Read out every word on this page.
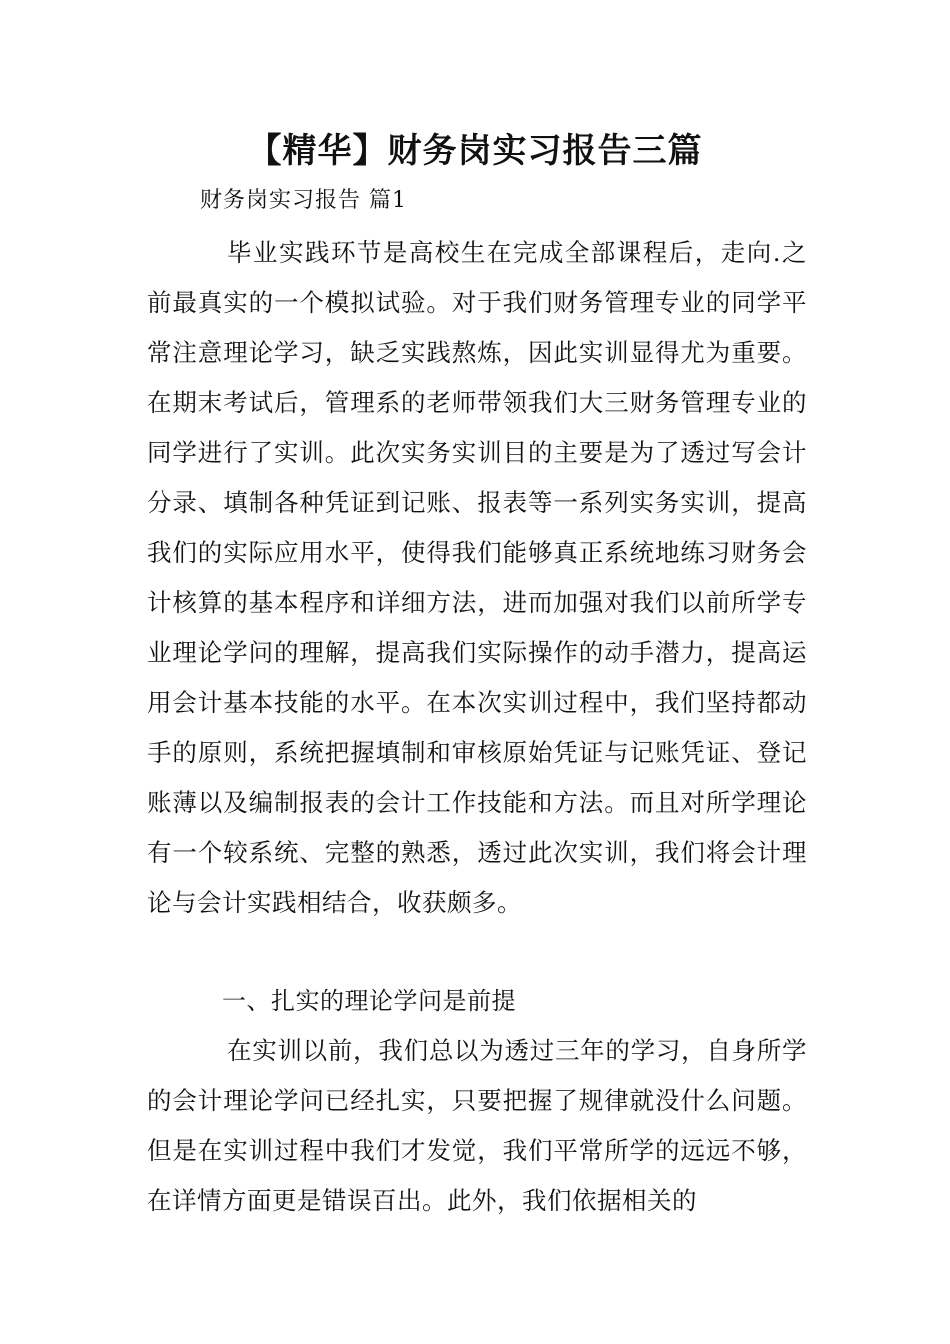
【精华】财务岗实习报告三篇

财务岗实习报告 篇1

毕业实践环节是高校生在完成全部课程后，走向.之前最真实的一个模拟试验。对于我们财务管理专业的同学平常注意理论学习，缺乏实践熬炼，因此实训显得尤为重要。在期末考试后，管理系的老师带领我们大三财务管理专业的同学进行了实训。此次实务实训目的主要是为了透过写会计分录、填制各种凭证到记账、报表等一系列实务实训，提高我们的实际应用水平，使得我们能够真正系统地练习财务会计核算的基本程序和详细方法，进而加强对我们以前所学专业理论学问的理解，提高我们实际操作的动手潜力，提高运用会计基本技能的水平。在本次实训过程中，我们坚持都动手的原则，系统把握填制和审核原始凭证与记账凭证、登记账薄以及编制报表的会计工作技能和方法。而且对所学理论有一个较系统、完整的熟悉，透过此次实训，我们将会计理论与会计实践相结合，收获颇多。

一、扎实的理论学问是前提

在实训以前，我们总以为透过三年的学习，自身所学的会计理论学问已经扎实，只要把握了规律就没什么问题。但是在实训过程中我们才发觉，我们平常所学的远远不够，在详情方面更是错误百出。此外，我们依据相关的
